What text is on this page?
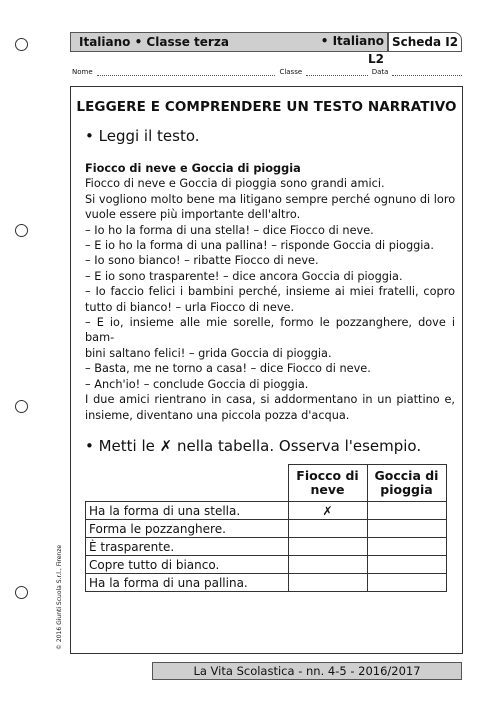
Italiano • Classe terza	• Italiano L2
Scheda I2
Nome	Classe	Data
LEGGERE E COMPRENDERE UN TESTO NARRATIVO
• Leggi il testo.
Fiocco di neve e Goccia di pioggia
Fiocco di neve e Goccia di pioggia sono grandi amici.
Si vogliono molto bene ma litigano sempre perché ognuno di loro
vuole essere più importante dell'altro.
– Io ho la forma di una stella! – dice Fiocco di neve.
– E io ho la forma di una pallina! – risponde Goccia di pioggia.
– Io sono bianco! – ribatte Fiocco di neve.
– E io sono trasparente! – dice ancora Goccia di pioggia.
– Io faccio felici i bambini perché, insieme ai miei fratelli, copro
tutto di bianco! – urla Fiocco di neve.
– E io, insieme alle mie sorelle, formo le pozzanghere, dove i bam-
bini saltano felici! – grida Goccia di pioggia.
– Basta, me ne torno a casa! – dice Fiocco di neve.
– Anch'io! – conclude Goccia di pioggia.
I due amici rientrano in casa, si addormentano in un piattino e,
insieme, diventano una piccola pozza d'acqua.
• Metti le ✗ nella tabella. Osserva l'esempio.
	Fiocco di neve	Goccia di pioggia
Ha la forma di una stella.	✗	
Forma le pozzanghere.		
È trasparente.		
Copre tutto di bianco.		
Ha la forma di una pallina.		
© 2016 Giunti Scuola S.r.l., Firenze
La Vita Scolastica - nn. 4-5 - 2016/2017
